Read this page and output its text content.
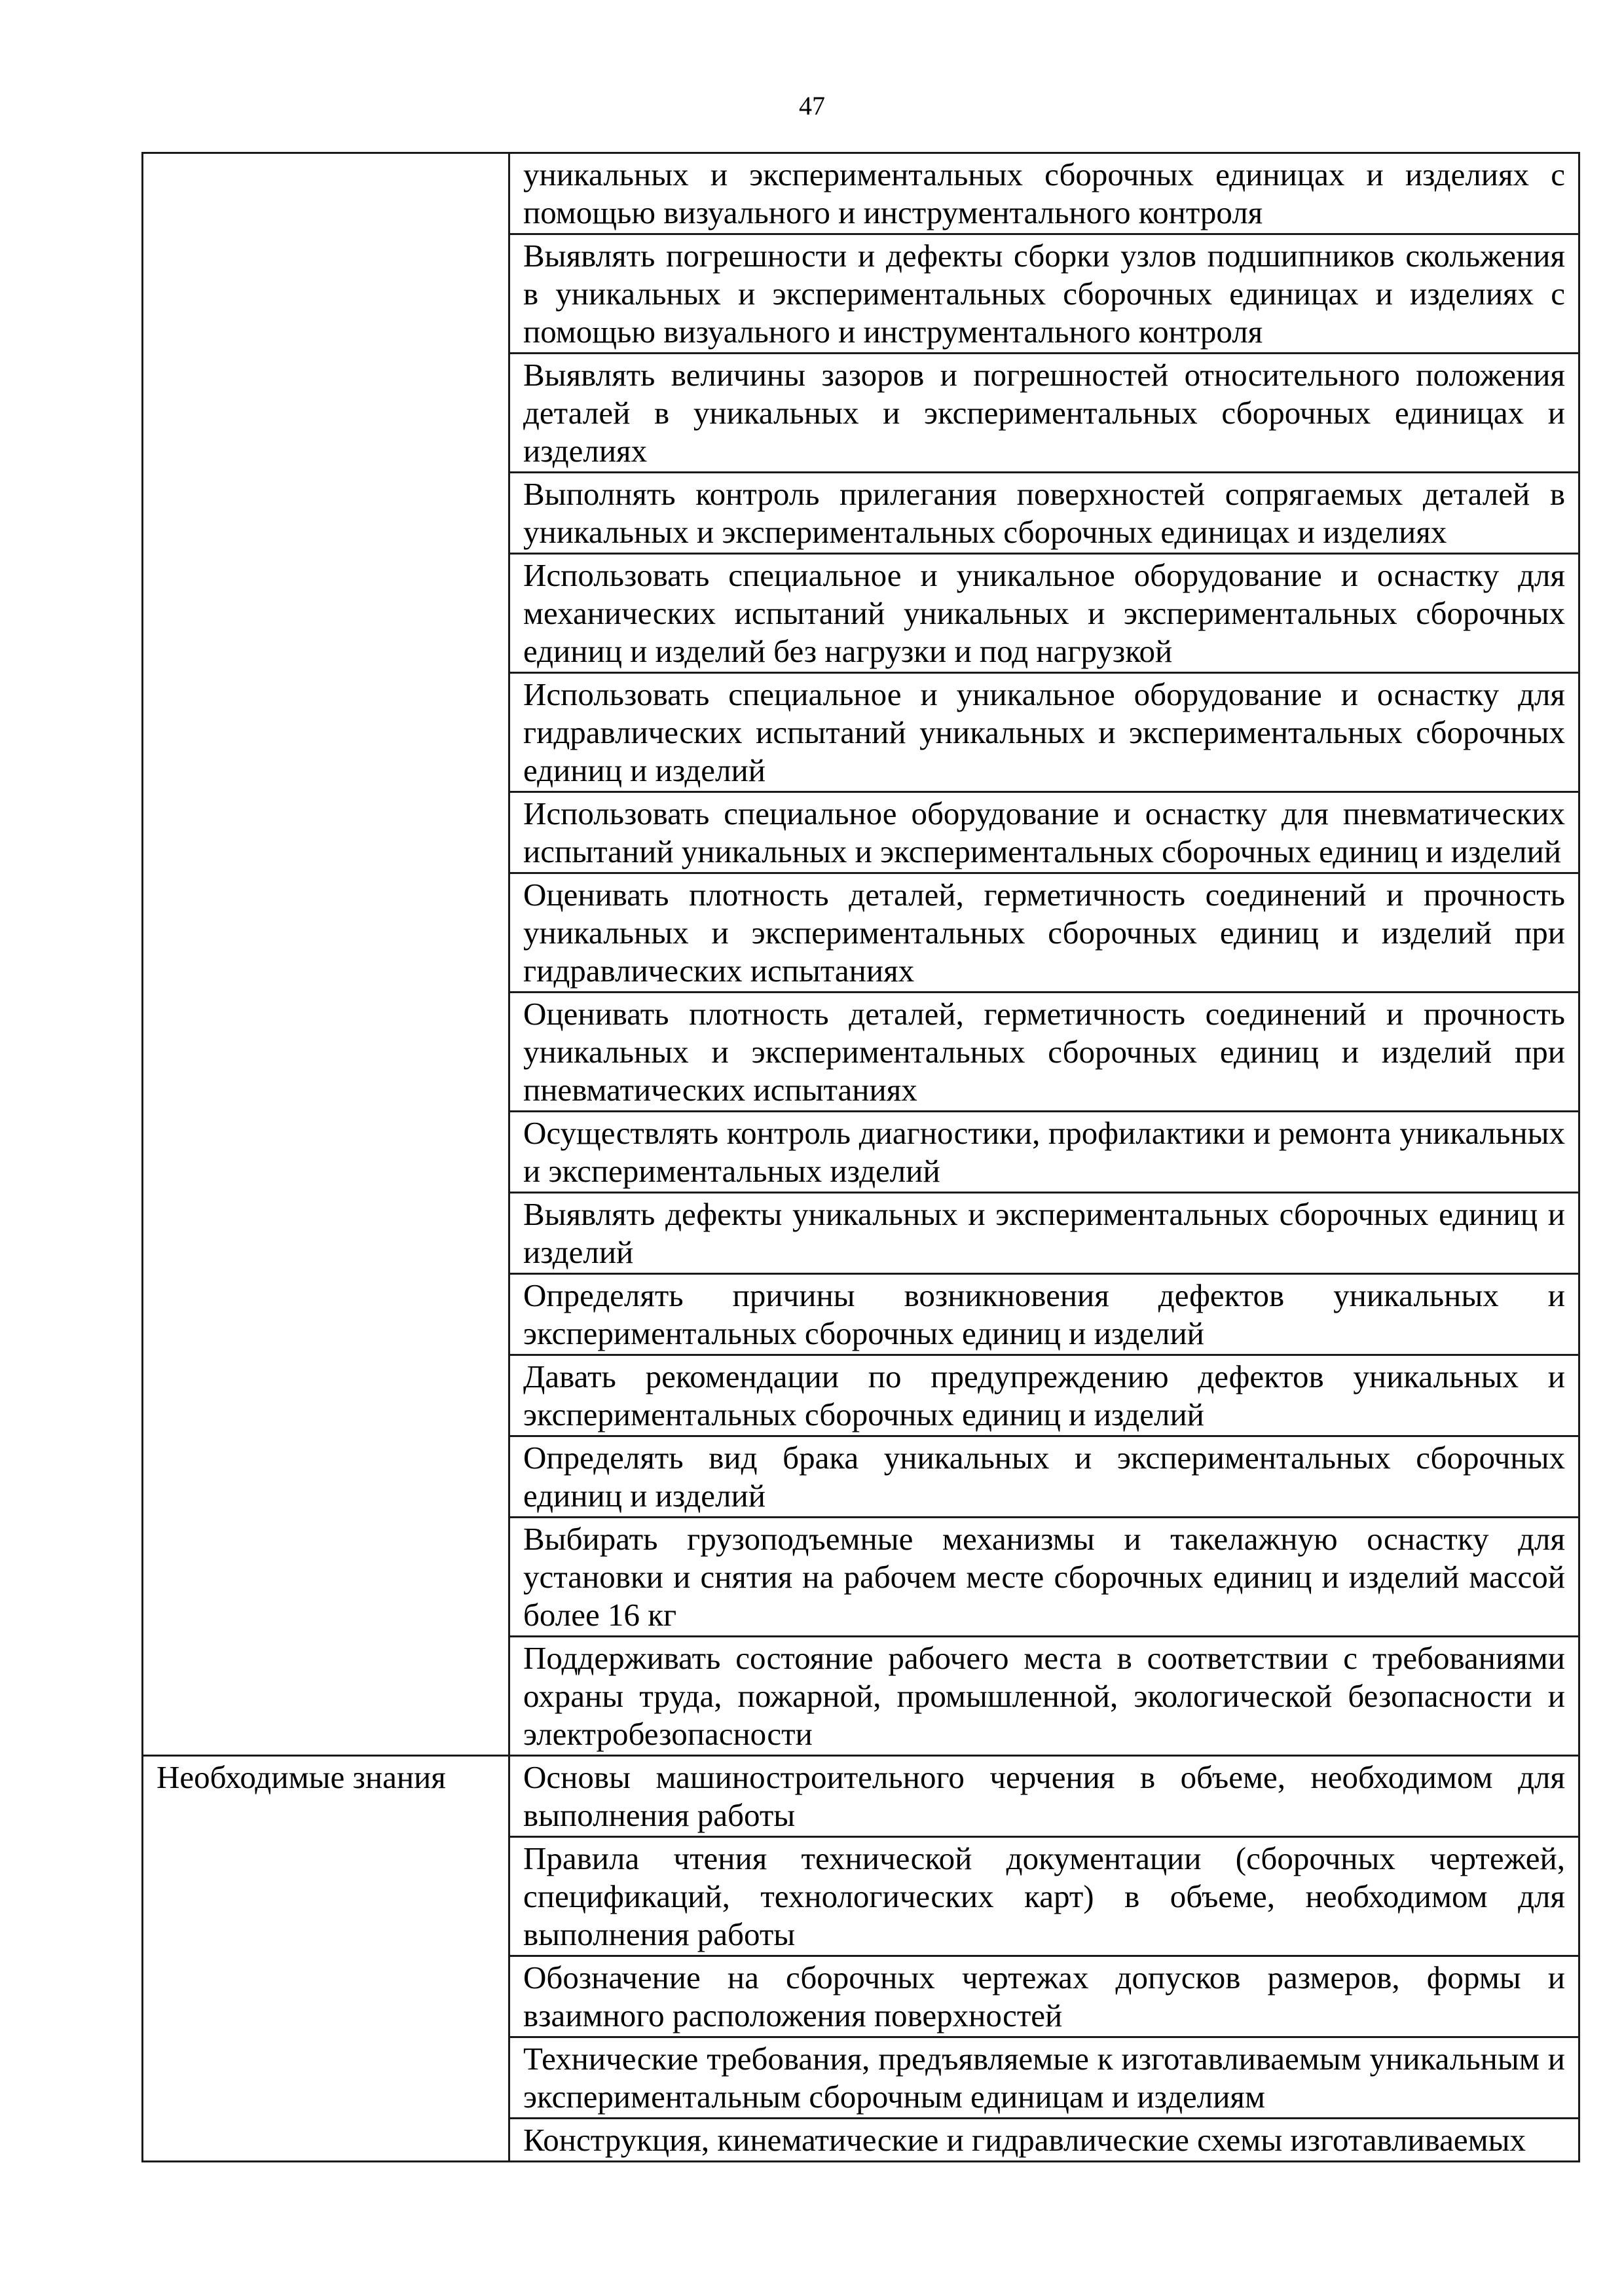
47
	уникальных и экспериментальных сборочных единицах и изделиях с помощью визуального и инструментального контроля
	Выявлять погрешности и дефекты сборки узлов подшипников скольжения в уникальных и экспериментальных сборочных единицах и изделиях с помощью визуального и инструментального контроля
	Выявлять величины зазоров и погрешностей относительного положения деталей в уникальных и экспериментальных сборочных единицах и изделиях
	Выполнять контроль прилегания поверхностей сопрягаемых деталей в уникальных и экспериментальных сборочных единицах и изделиях
	Использовать специальное и уникальное оборудование и оснастку для механических испытаний уникальных и экспериментальных сборочных единиц и изделий без нагрузки и под нагрузкой
	Использовать специальное и уникальное оборудование и оснастку для гидравлических испытаний уникальных и экспериментальных сборочных единиц и изделий
	Использовать специальное оборудование и оснастку для пневматических испытаний уникальных и экспериментальных сборочных единиц и изделий
	Оценивать плотность деталей, герметичность соединений и прочность уникальных и экспериментальных сборочных единиц и изделий при гидравлических испытаниях
	Оценивать плотность деталей, герметичность соединений и прочность уникальных и экспериментальных сборочных единиц и изделий при пневматических испытаниях
	Осуществлять контроль диагностики, профилактики и ремонта уникальных и экспериментальных изделий
	Выявлять дефекты уникальных и экспериментальных сборочных единиц и изделий
	Определять причины возникновения дефектов уникальных и экспериментальных сборочных единиц и изделий
	Давать рекомендации по предупреждению дефектов уникальных и экспериментальных сборочных единиц и изделий
	Определять вид брака уникальных и экспериментальных сборочных единиц и изделий
	Выбирать грузоподъемные механизмы и такелажную оснастку для установки и снятия на рабочем месте сборочных единиц и изделий массой более 16 кг
	Поддерживать состояние рабочего места в соответствии с требованиями охраны труда, пожарной, промышленной, экологической безопасности и электробезопасности
Необходимые знания	Основы машиностроительного черчения в объеме, необходимом для выполнения работы
	Правила чтения технической документации (сборочных чертежей, спецификаций, технологических карт) в объеме, необходимом для выполнения работы
	Обозначение на сборочных чертежах допусков размеров, формы и взаимного расположения поверхностей
	Технические требования, предъявляемые к изготавливаемым уникальным и экспериментальным сборочным единицам и изделиям
	Конструкция, кинематические и гидравлические схемы изготавливаемых
